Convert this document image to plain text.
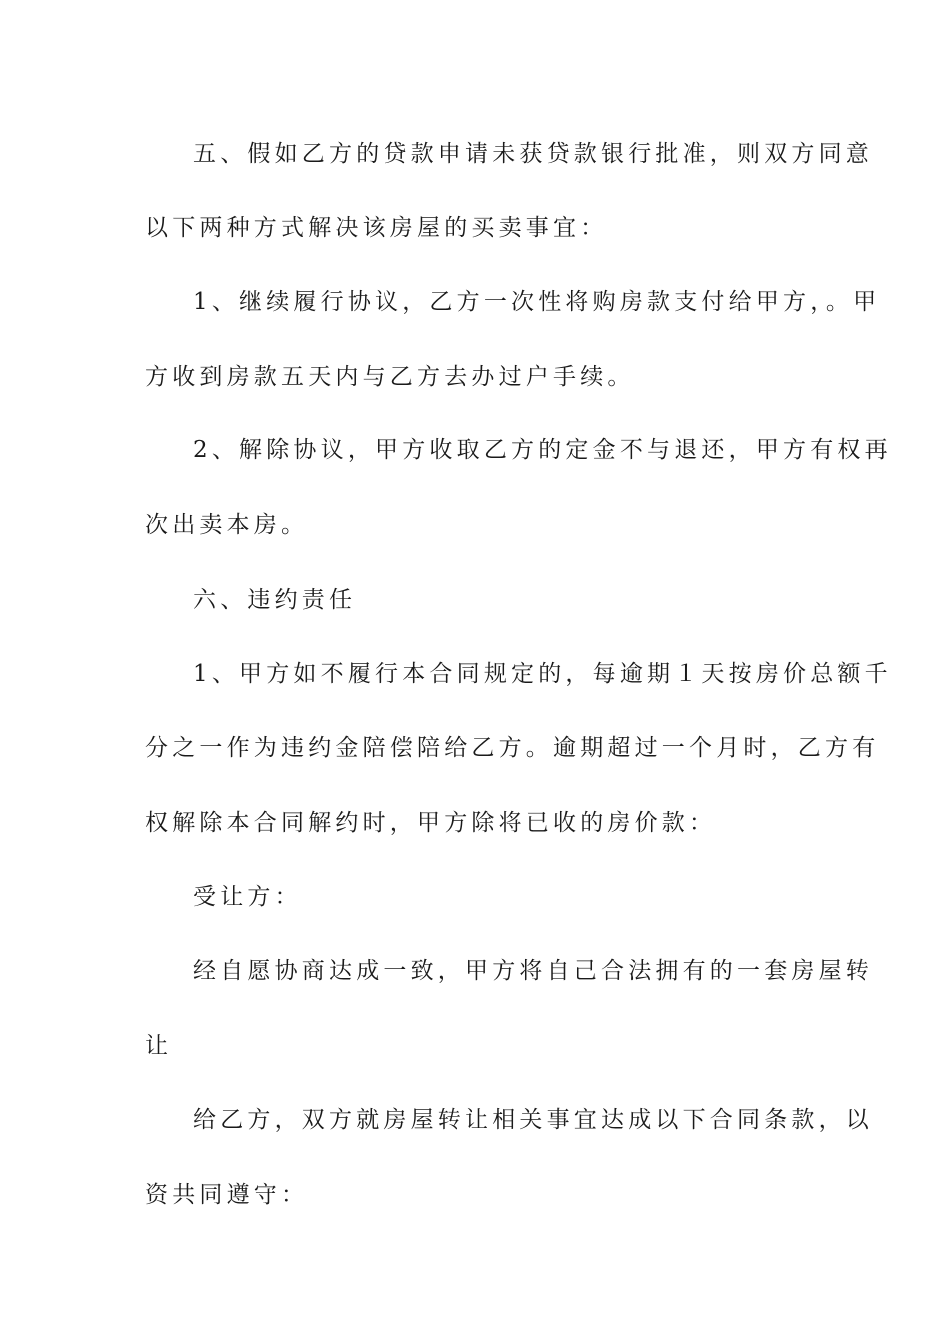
五、假如乙方的贷款申请未获贷款银行批准，则双方同意
以下两种方式解决该房屋的买卖事宜：
1、继续履行协议，乙方一次性将购房款支付给甲方，。甲
方收到房款五天内与乙方去办过户手续。
2、解除协议，甲方收取乙方的定金不与退还，甲方有权再
次出卖本房。
六、违约责任
1、甲方如不履行本合同规定的，每逾期１天按房价总额千
分之一作为违约金陪偿陪给乙方。逾期超过一个月时，乙方有
权解除本合同解约时，甲方除将已收的房价款：
受让方：
经自愿协商达成一致，甲方将自己合法拥有的一套房屋转
让
给乙方，双方就房屋转让相关事宜达成以下合同条款，以
资共同遵守：
